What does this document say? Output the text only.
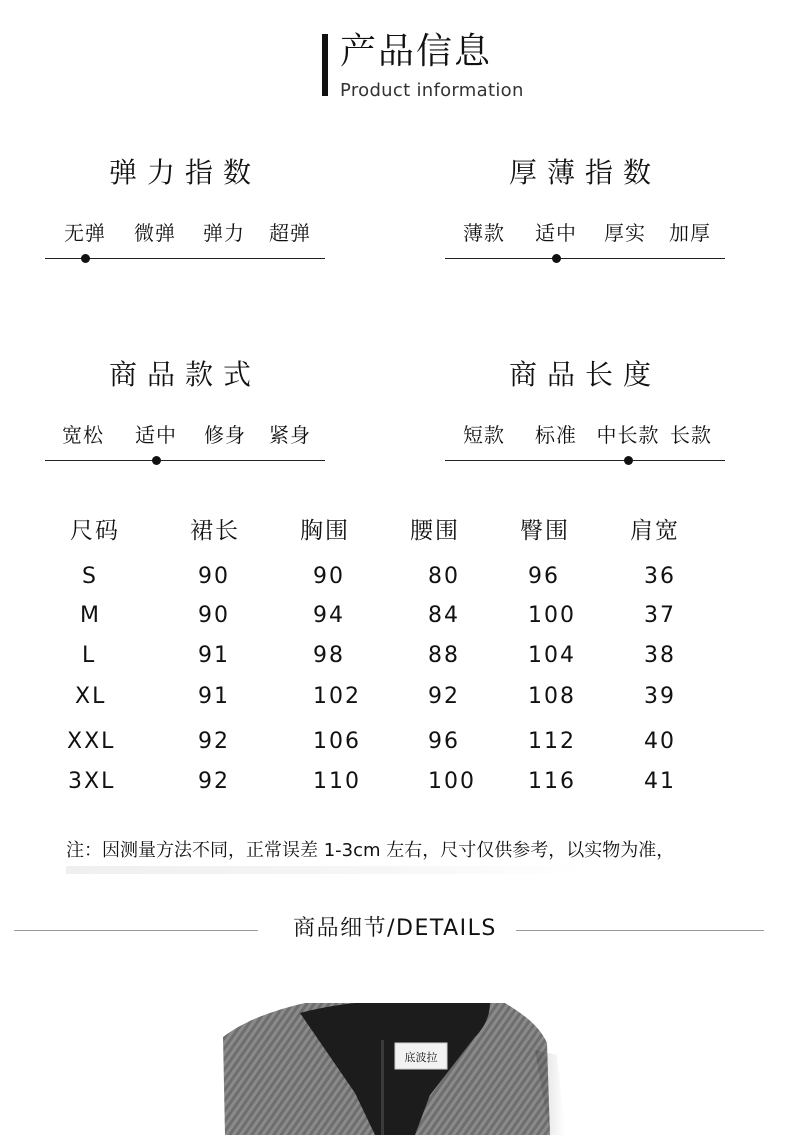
产品信息
Product information
弹力指数
无弹	微弹	弹力	超弹
厚薄指数
薄款	适中	厚实	加厚
商品款式
宽松	适中	修身	紧身
商品长度
短款	标准 中长款 长款
尺码	裙长	胸围	腰围	臀围	肩宽
S	90	90	80	96	36
M	90	94	84	100	37
L	91	98	88	104	38
XL	91	102	92	108	39
XXL	92	106	96	112	40
3XL	92	110	100	116	41
注：因测量方法不同，正常误差 1-3cm 左右，尺寸仅供参考，以实物为准，
商品细节/DETAILS
底波拉
